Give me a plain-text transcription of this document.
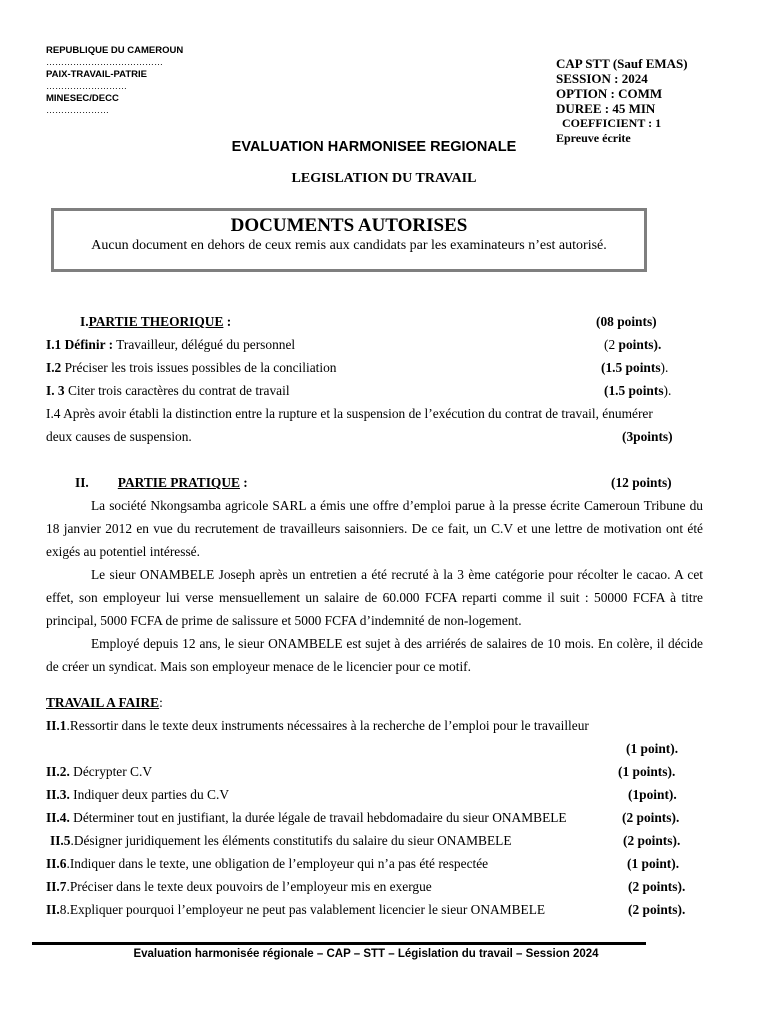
REPUBLIQUE DU CAMEROUN
…………………………………
PAIX-TRAVAIL-PATRIE
………………………
MINESEC/DECC
…………………
CAP STT (Sauf EMAS)
SESSION : 2024
OPTION : COMM
DUREE : 45 MIN
COEFFICIENT : 1
Epreuve écrite
EVALUATION HARMONISEE REGIONALE
LEGISLATION DU TRAVAIL
DOCUMENTS AUTORISES
Aucun document en dehors de ceux remis aux candidats par les examinateurs n’est autorisé.
I.PARTIE THEORIQUE :	(08 points)
I.1 Définir : Travailleur, délégué du personnel	(2 points).
I.2 Préciser les trois issues possibles de la conciliation	(1.5 points).
I. 3 Citer trois caractères du contrat de travail	(1.5 points).
I.4 Après avoir établi la distinction entre la rupture et la suspension de l’exécution du contrat de travail, énumérer
deux causes de suspension.	(3points)
II. PARTIE PRATIQUE :	(12 points)
La société Nkongsamba agricole SARL a émis une offre d’emploi parue à la presse écrite Cameroun Tribune du 18 janvier 2012 en vue du recrutement de travailleurs saisonniers. De ce fait, un C.V et une lettre de motivation ont été exigés au potentiel intéressé.
Le sieur ONAMBELE Joseph après un entretien a été recruté à la 3 ème catégorie pour récolter le cacao. A cet effet, son employeur lui verse mensuellement un salaire de 60.000 FCFA reparti comme il suit : 50000 FCFA à titre principal, 5000 FCFA de prime de salissure et 5000 FCFA d’indemnité de non-logement.
Employé depuis 12 ans, le sieur ONAMBELE est sujet à des arriérés de salaires de 10 mois. En colère, il décide de créer un syndicat. Mais son employeur menace de le licencier pour ce motif.
TRAVAIL A FAIRE:
II.1.Ressortir dans le texte deux instruments nécessaires à la recherche de l’emploi pour le travailleur
(1 point).
II.2. Décrypter C.V	(1 points).
II.3. Indiquer deux parties du C.V	(1point).
II.4. Déterminer tout en justifiant, la durée légale de travail hebdomadaire du sieur ONAMBELE	(2 points).
II.5.Désigner juridiquement les éléments constitutifs du salaire du sieur ONAMBELE	(2 points).
II.6.Indiquer dans le texte, une obligation de l’employeur qui n’a pas été respectée	(1 point).
II.7.Préciser dans le texte deux pouvoirs de l’employeur mis en exergue	(2 points).
II.8.Expliquer pourquoi l’employeur ne peut pas valablement licencier le sieur ONAMBELE	(2 points).
Evaluation harmonisée régionale – CAP – STT – Législation du travail – Session 2024
